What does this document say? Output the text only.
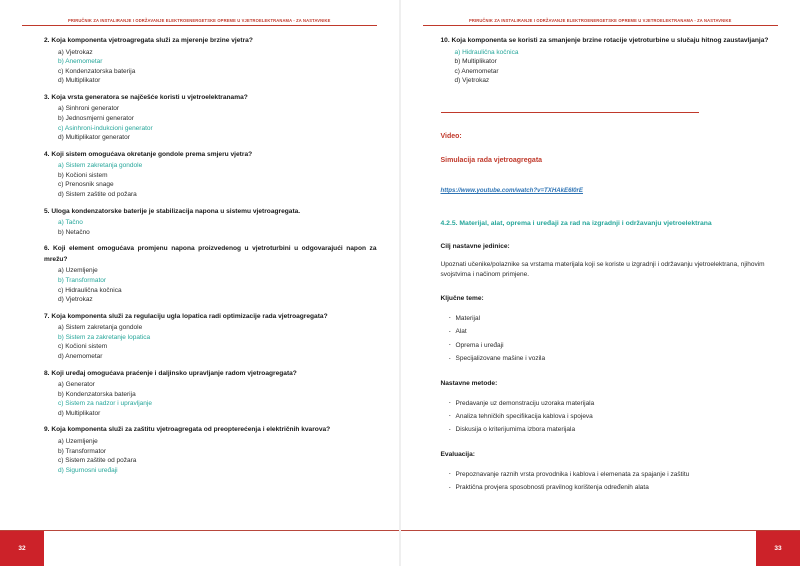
PRIRUČNIK ZA INSTALIRANJE I ODRŽAVANJE ELEKTROENERGETSKE OPREME U VJETROELEKTRANAMA - ZA NASTAVNIKE

2. Koja komponenta vjetroagregata služi za mjerenje brzine vjetra?

a) Vjetrokaz
b) Anemometar
c) Kondenzatorska baterija
d) Multiplikator

3. Koja vrsta generatora se najčešće koristi u vjetroelektranama?

a) Sinhroni generator
b) Jednosmjerni generator
c) Asinhroni-indukcioni generator
d) Multiplikator generator

4. Koji sistem omogućava okretanje gondole prema smjeru vjetra?

a) Sistem zakretanja gondole
b) Kočioni sistem
c) Prenosnik snage
d) Sistem zaštite od požara

5. Uloga kondenzatorske baterije je stabilizacija napona u sistemu vjetroagregata.

a) Tačno
b) Netačno

6. Koji element omogućava promjenu napona proizvedenog u vjetroturbini u odgovarajući napon za mrežu?

a) Uzemljenje
b) Transformator
c) Hidraulična kočnica
d) Vjetrokaz

7. Koja komponenta služi za regulaciju ugla lopatica radi optimizacije rada vjetroagregata?

a) Sistem zakretanja gondole
b) Sistem za zakretanje lopatica
c) Kočioni sistem
d) Anemometar

8. Koji uređaj omogućava praćenje i daljinsko upravljanje radom vjetroagregata?

a) Generator
b) Kondenzatorska baterija
c) Sistem za nadzor i upravljanje
d) Multiplikator

9. Koja komponenta služi za zaštitu vjetroagregata od preopterećenja i električnih kvarova?

a) Uzemljenje
b) Transformator
c) Sistem zaštite od požara
d) Sigurnosni uređaji
32
PRIRUČNIK ZA INSTALIRANJE I ODRŽAVANJE ELEKTROENERGETSKE OPREME U VJETROELEKTRANAMA - ZA NASTAVNIKE

10. Koja komponenta se koristi za smanjenje brzine rotacije vjetroturbine u slučaju hitnog zaustavljanja?

a) Hidraulična kočnica
b) Multiplikator
c) Anemometar
d) Vjetrokaz

Video:

Simulacija rada vjetroagregata

https://www.youtube.com/watch?v=TXHAkE6I0rE

4.2.5. Materijal, alat, oprema i uređaji za rad na izgradnji i održavanju vjetroelektrana

Cilj nastavne jedinice:

Upoznati učenike/polaznike sa vrstama materijala koji se koriste u izgradnji i održavanju vjetroelektrana, njihovim svojstvima i načinom primjene.

Ključne teme:

· Materijal
· Alat
· Oprema i uređaji
· Specijalizovane mašine i vozila

Nastavne metode:

· Predavanje uz demonstraciju uzoraka materijala
· Analiza tehničkih specifikacija kablova i spojeva
· Diskusija o kriterijumima izbora materijala

Evaluacija:

· Prepoznavanje raznih vrsta provodnika i kablova i elemenata za spajanje i zaštitu
· Praktična provjera sposobnosti pravilnog korištenja određenih alata
33
